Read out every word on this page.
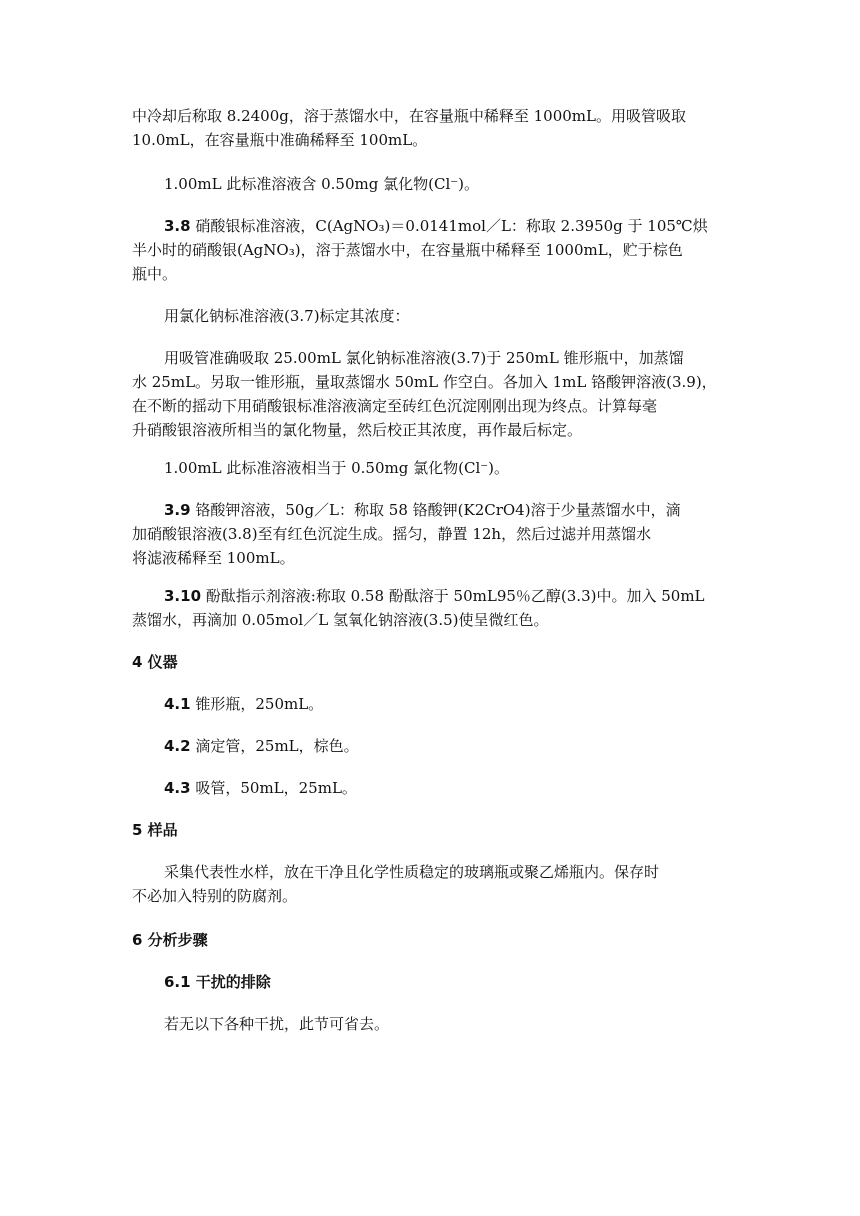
中冷却后称取 8.2400g，溶于蒸馏水中，在容量瓶中稀释至 1000mL。用吸管吸取
10.0mL，在容量瓶中准确稀释至 100mL。

1.00mL 此标准溶液含 0.50mg 氯化物(Cl⁻)。

3.8 硝酸银标准溶液，C(AgNO₃)＝0.0141mol／L：称取 2.3950g 于 105℃烘
半小时的硝酸银(AgNO₃)，溶于蒸馏水中，在容量瓶中稀释至 1000mL，贮于棕色
瓶中。

用氯化钠标准溶液(3.7)标定其浓度：

用吸管准确吸取 25.00mL 氯化钠标准溶液(3.7)于 250mL 锥形瓶中，加蒸馏
水 25mL。另取一锥形瓶，量取蒸馏水 50mL 作空白。各加入 1mL 铬酸钾溶液(3.9)，
在不断的摇动下用硝酸银标准溶液滴定至砖红色沉淀刚刚出现为终点。计算每毫
升硝酸银溶液所相当的氯化物量，然后校正其浓度，再作最后标定。

1.00mL 此标准溶液相当于 0.50mg 氯化物(Cl⁻)。

3.9 铬酸钾溶液，50g／L：称取 58 铬酸钾(K2CrO4)溶于少量蒸馏水中，滴
加硝酸银溶液(3.8)至有红色沉淀生成。摇匀，静置 12h，然后过滤并用蒸馏水
将滤液稀释至 100mL。

3.10 酚酞指示剂溶液:称取 0.58 酚酞溶于 50mL95％乙醇(3.3)中。加入 50mL
蒸馏水，再滴加 0.05mol／L 氢氧化钠溶液(3.5)使呈微红色。

4 仪器

4.1 锥形瓶，250mL。

4.2 滴定管，25mL，棕色。

4.3 吸管，50mL，25mL。

5 样品

采集代表性水样，放在干净且化学性质稳定的玻璃瓶或聚乙烯瓶内。保存时
不必加入特别的防腐剂。

6 分析步骤

6.1 干扰的排除

若无以下各种干扰，此节可省去。
